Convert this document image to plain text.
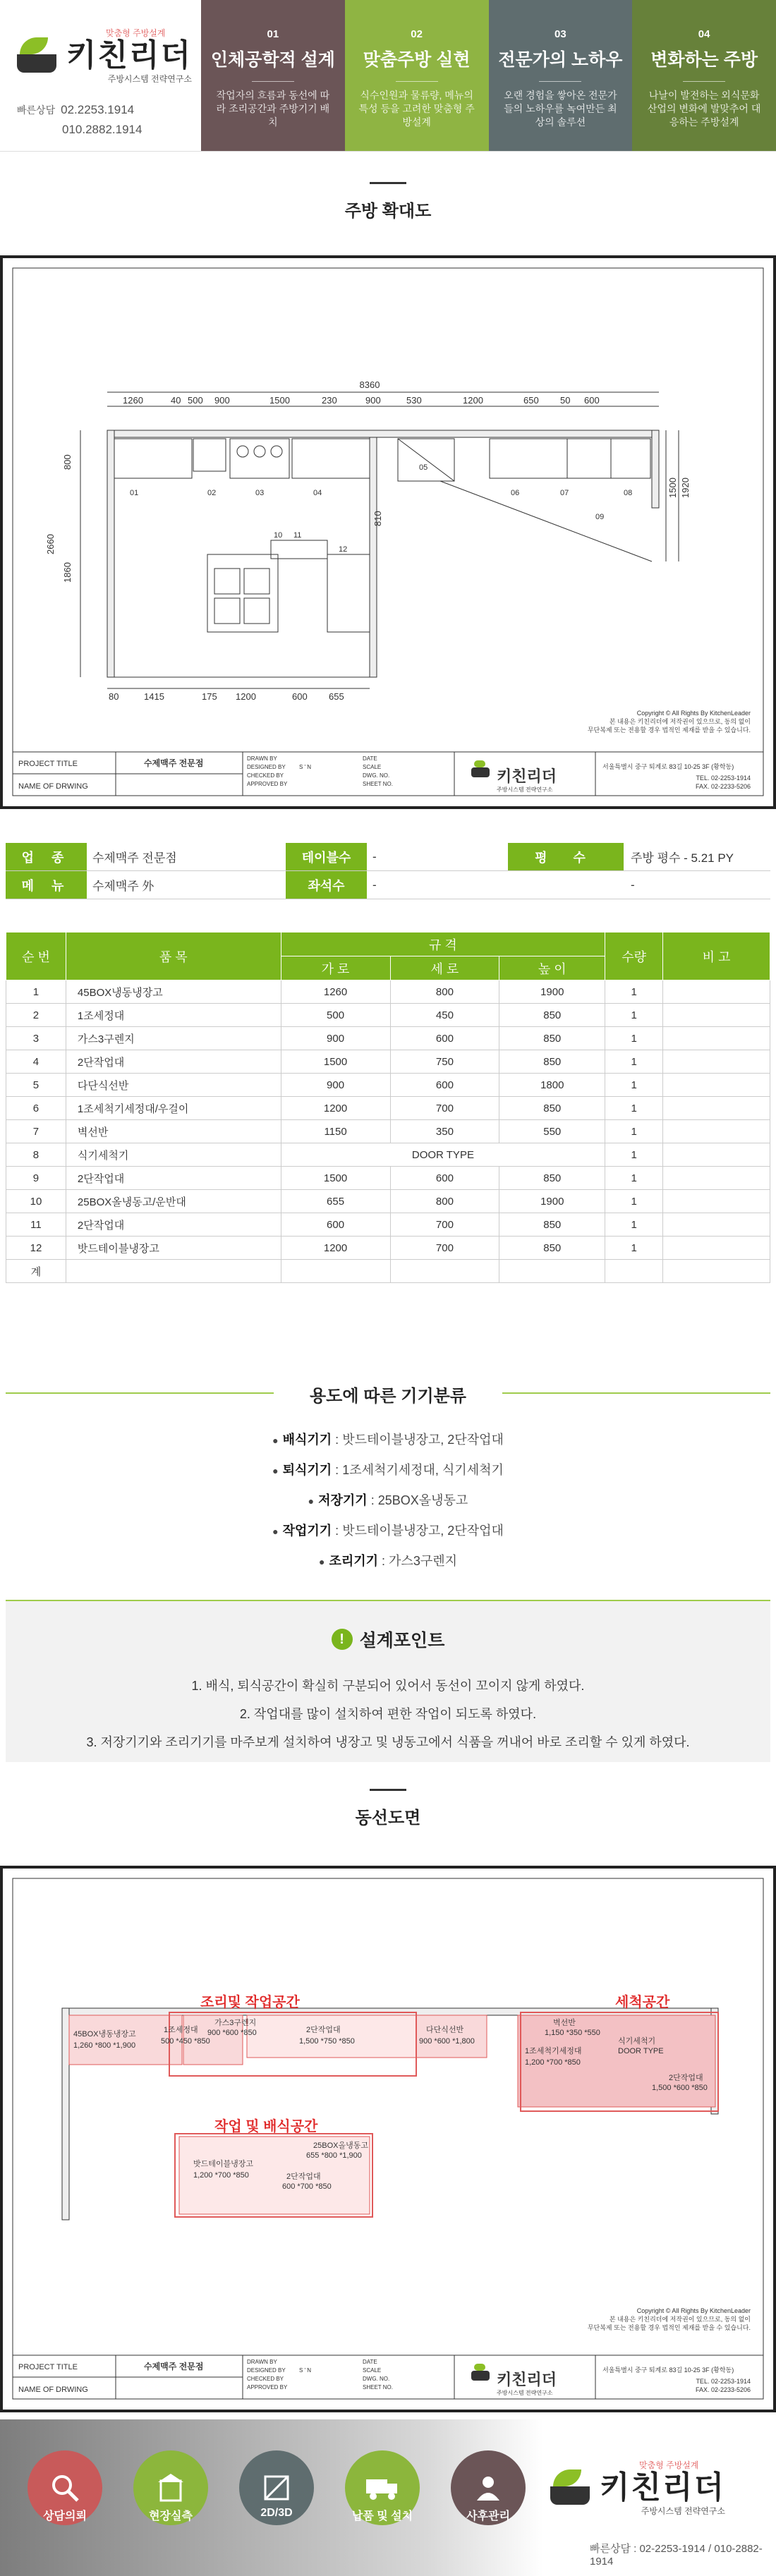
맞춤형 주방설계
키친리더
주방시스템 전략연구소
빠른상담 02.2253.1914
010.2882.1914
01
인체공학적 설계
작업자의 흐름과 동선에 따라 조리공간과 주방기기 배치
02
맞춤주방 실현
식수인원과 물류량, 메뉴의 특성 등을 고려한 맞춤형 주방설계
03
전문가의 노하우
오랜 경험을 쌓아온 전문가들의 노하우를 녹여만든 최상의 솔루션
04
변화하는 주방
나날이 발전하는 외식문화 산업의 변화에 발맞추어 대응하는 주방설계
주방 확대도
8360
1260	40 500 900	1500	230	900	530	1200	650 50 600
80	1415	175 1200	600 655
800
2660
1860
1500 1920
810
01	02	03	04
05
06	07	08
09
10 11
12
Copyright © All Rights By KitchenLeader
본 내용은 키친리더에 저작권이 있으므로, 동의 없이
무단복제 또는 전용할 경우 법적인 제재를 받을 수 있습니다.
PROJECT TITLE	수제맥주 전문점
NAME OF DRWING
DRAWN BY
DESIGNED BY
CHECKED BY
APPROVED BY
S ' N
DATE
SCALE
DWG. NO.
SHEET NO.	키친리더
주방시스템 전략연구소
서울특별시 중구 퇴계로 83길 10-25 3F (황학동)
TEL. 02-2253-1914
FAX. 02-2233-5206
업 종	수제맥주 전문점	테이블수	-	평 수	주방 평수 - 5.21 PY
메 뉴	수제맥주 外	좌석수	-	-
순 번	품 목	규 격			수량	비 고
		가 로	세 로	높 이		
1	45BOX냉동냉장고	1260	800	1900	1	
2	1조세정대	500	450	850	1	
3	가스3구렌지	900	600	850	1	
4	2단작업대	1500	750	850	1	
5	다단식선반	900	600	1800	1	
6	1조세척기세정대/우걸이	1200	700	850	1	
7	벽선반	1150	350	550	1	
8	식기세척기	DOOR TYPE			1	
9	2단작업대	1500	600	850	1	
10	25BOX올냉동고/운반대	655	800	1900	1	
11	2단작업대	600	700	850	1	
12	밧드테이블냉장고	1200	700	850	1	
계						
용도에 따른 기기분류
● 배식기기 : 밧드테이블냉장고, 2단작업대
● 퇴식기기 : 1조세척기세정대, 식기세척기
● 저장기기 : 25BOX올냉동고
● 작업기기 : 밧드테이블냉장고, 2단작업대
● 조리기기 : 가스3구렌지
! 설계포인트
1. 배식, 퇴식공간이 확실히 구분되어 있어서 동선이 꼬이지 않게 하였다.
2. 작업대를 많이 설치하여 편한 작업이 되도록 하였다.
3. 저장기기와 조리기기를 마주보게 설치하여 냉장고 및 냉동고에서 식품을 꺼내어 바로 조리할 수 있게 하였다.
동선도면
조리및 작업공간	세척공간
작업 및 배식공간
45BOX냉동냉장고
1,260 *800 *1,900
1조세정대
500 *450 *850
가스3구렌지
900 *600 *850	2단작업대
1,500 *750 *850
다단식선반
900 *600 *1,800
벽선반
1,150 *350 *550
1조세척기세정대
1,200 *700 *850
식기세척기
DOOR TYPE
2단작업대
1,500 *600 *850
25BOX올냉동고
655 *800 *1,900
밧드테이블냉장고
1,200 *700 *850	2단작업대
600 *700 *850
Copyright © All Rights By KitchenLeader
본 내용은 키친리더에 저작권이 있으므로, 동의 없이
무단복제 또는 전용할 경우 법적인 제재를 받을 수 있습니다.
PROJECT TITLE	수제맥주 전문점
NAME OF DRWING
DRAWN BY
DESIGNED BY
CHECKED BY
APPROVED BY
S ' N
DATE
SCALE
DWG. NO.
SHEET NO.	키친리더
주방시스템 전략연구소
서울특별시 중구 퇴계로 83길 10-25 3F (황학동)
TEL. 02-2253-1914
FAX. 02-2233-5206
상담의뢰	현장실측	2D/3D	납품 및 설치	사후관리
맞춤형 주방설계
키친리더
주방시스템 전략연구소
빠른상담 : 02-2253-1914 / 010-2882-1914
